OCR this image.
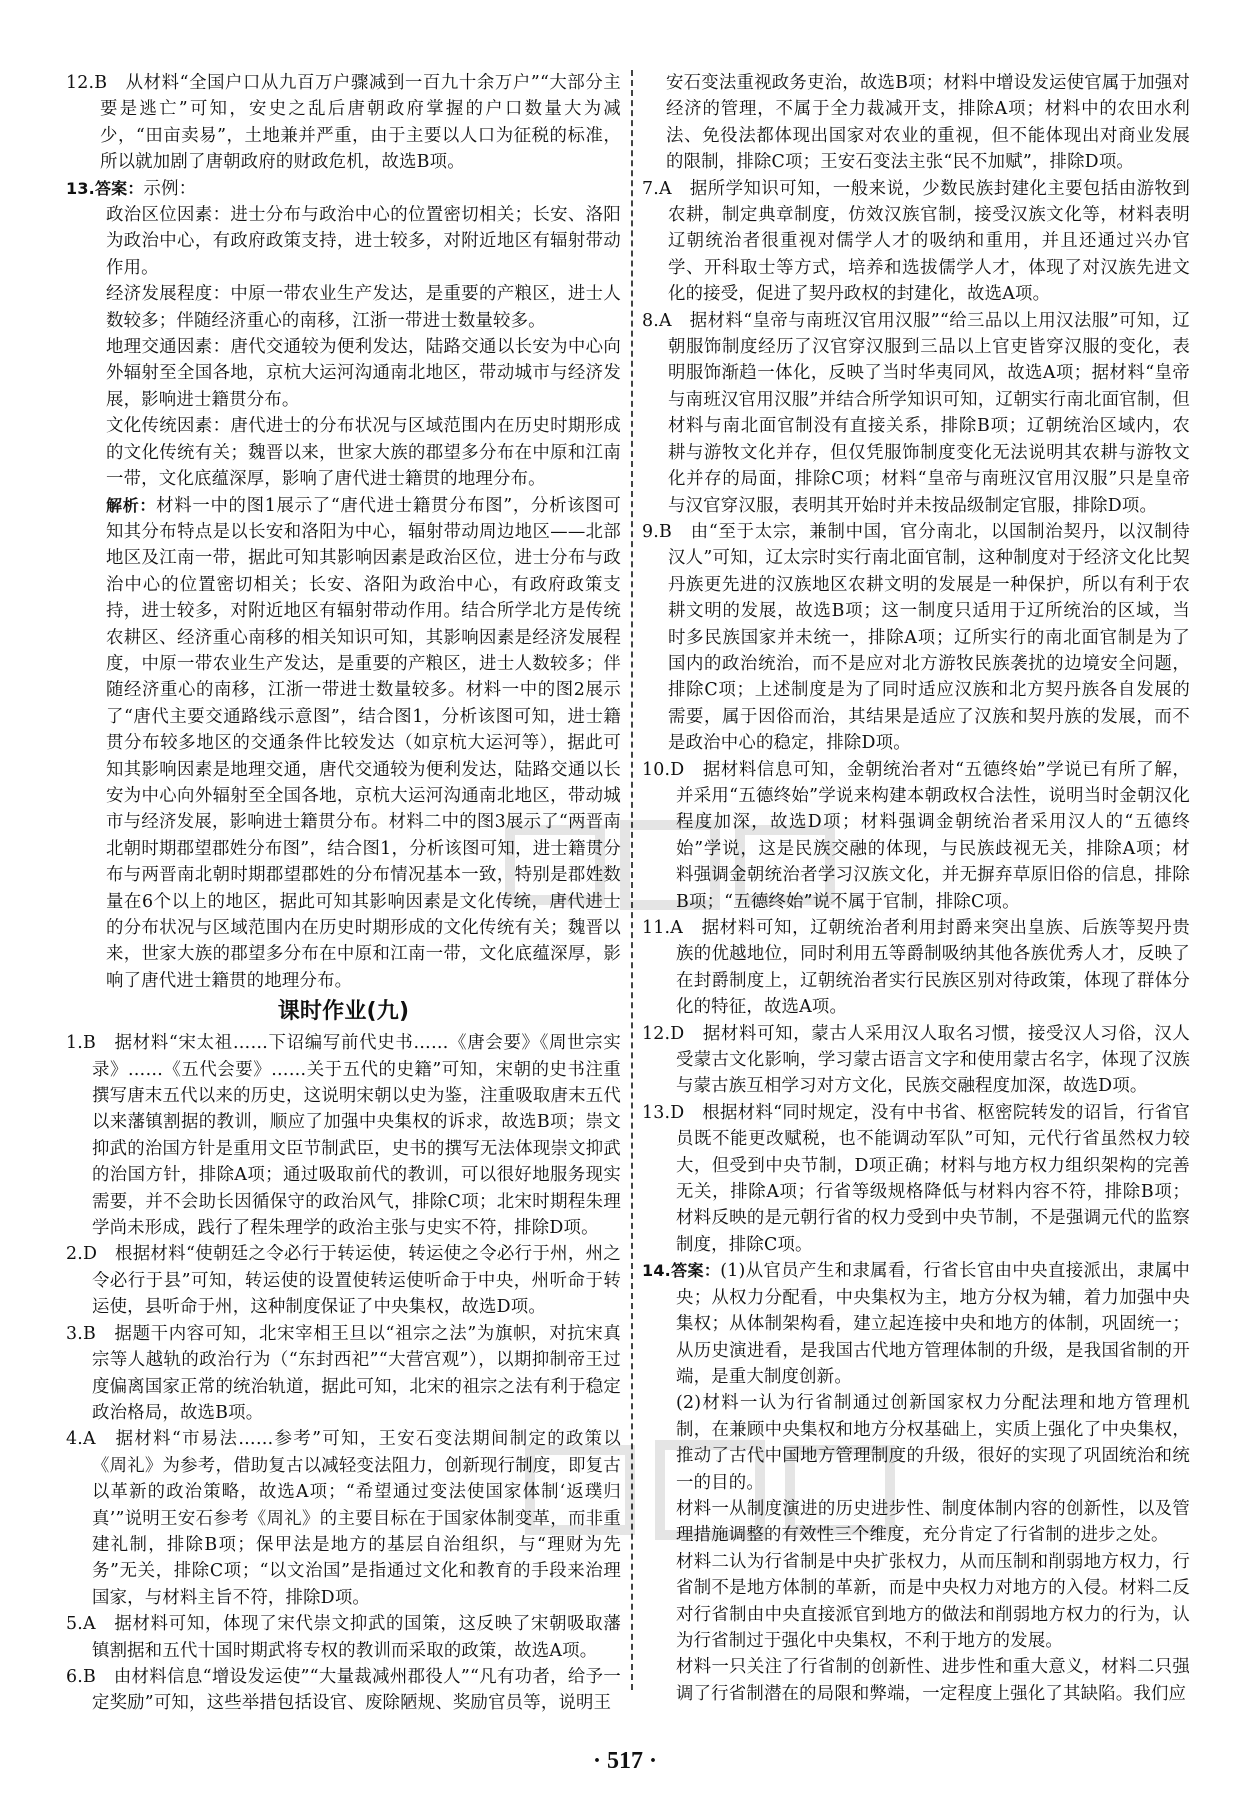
12.B　从材料“全国户口从九百万户骤减到一百九十余万户”“大部分主要是逃亡”可知，安史之乱后唐朝政府掌握的户口数量大为减少，“田亩卖易”，土地兼并严重，由于主要以人口为征税的标准，所以就加剧了唐朝政府的财政危机，故选B项。

13.答案：示例：

政治区位因素：进士分布与政治中心的位置密切相关；长安、洛阳为政治中心，有政府政策支持，进士较多，对附近地区有辐射带动作用。

经济发展程度：中原一带农业生产发达，是重要的产粮区，进士人数较多；伴随经济重心的南移，江浙一带进士数量较多。

地理交通因素：唐代交通较为便利发达，陆路交通以长安为中心向外辐射至全国各地，京杭大运河沟通南北地区，带动城市与经济发展，影响进士籍贯分布。

文化传统因素：唐代进士的分布状况与区域范围内在历史时期形成的文化传统有关；魏晋以来，世家大族的郡望多分布在中原和江南一带，文化底蕴深厚，影响了唐代进士籍贯的地理分布。

解析：材料一中的图1展示了“唐代进士籍贯分布图”，分析该图可知其分布特点是以长安和洛阳为中心，辐射带动周边地区——北部地区及江南一带，据此可知其影响因素是政治区位，进士分布与政治中心的位置密切相关；长安、洛阳为政治中心，有政府政策支持，进士较多，对附近地区有辐射带动作用。结合所学北方是传统农耕区、经济重心南移的相关知识可知，其影响因素是经济发展程度，中原一带农业生产发达，是重要的产粮区，进士人数较多；伴随经济重心的南移，江浙一带进士数量较多。材料一中的图2展示了“唐代主要交通路线示意图”，结合图1，分析该图可知，进士籍贯分布较多地区的交通条件比较发达（如京杭大运河等），据此可知其影响因素是地理交通，唐代交通较为便利发达，陆路交通以长安为中心向外辐射至全国各地，京杭大运河沟通南北地区，带动城市与经济发展，影响进士籍贯分布。材料二中的图3展示了“两晋南北朝时期郡望郡姓分布图”，结合图1，分析该图可知，进士籍贯分布与两晋南北朝时期郡望郡姓的分布情况基本一致，特别是郡姓数量在6个以上的地区，据此可知其影响因素是文化传统，唐代进士的分布状况与区域范围内在历史时期形成的文化传统有关；魏晋以来，世家大族的郡望多分布在中原和江南一带，文化底蕴深厚，影响了唐代进士籍贯的地理分布。

课时作业(九)

1.B　据材料“宋太祖……下诏编写前代史书……《唐会要》《周世宗实录》……《五代会要》……关于五代的史籍”可知，宋朝的史书注重撰写唐末五代以来的历史，这说明宋朝以史为鉴，注重吸取唐末五代以来藩镇割据的教训，顺应了加强中央集权的诉求，故选B项；崇文抑武的治国方针是重用文臣节制武臣，史书的撰写无法体现崇文抑武的治国方针，排除A项；通过吸取前代的教训，可以很好地服务现实需要，并不会助长因循保守的政治风气，排除C项；北宋时期程朱理学尚未形成，践行了程朱理学的政治主张与史实不符，排除D项。

2.D　根据材料“使朝廷之令必行于转运使，转运使之令必行于州，州之令必行于县”可知，转运使的设置使转运使听命于中央，州听命于转运使，县听命于州，这种制度保证了中央集权，故选D项。

3.B　据题干内容可知，北宋宰相王旦以“祖宗之法”为旗帜，对抗宋真宗等人越轨的政治行为（“东封西祀”“大营宫观”），以期抑制帝王过度偏离国家正常的统治轨道，据此可知，北宋的祖宗之法有利于稳定政治格局，故选B项。

4.A　据材料“市易法……参考”可知，王安石变法期间制定的政策以《周礼》为参考，借助复古以减轻变法阻力，创新现行制度，即复古以革新的政治策略，故选A项；“希望通过变法使国家体制‘返璞归真’”说明王安石参考《周礼》的主要目标在于国家体制变革，而非重建礼制，排除B项；保甲法是地方的基层自治组织，与“理财为先务”无关，排除C项；“以文治国”是指通过文化和教育的手段来治理国家，与材料主旨不符，排除D项。

5.A　据材料可知，体现了宋代崇文抑武的国策，这反映了宋朝吸取藩镇割据和五代十国时期武将专权的教训而采取的政策，故选A项。

6.B　由材料信息“增设发运使”“大量裁减州郡役人”“凡有功者，给予一定奖励”可知，这些举措包括设官、废除陋规、奖励官员等，说明王

安石变法重视政务吏治，故选B项；材料中增设发运使官属于加强对经济的管理，不属于全力裁减开支，排除A项；材料中的农田水利法、免役法都体现出国家对农业的重视，但不能体现出对商业发展的限制，排除C项；王安石变法主张“民不加赋”，排除D项。

7.A　据所学知识可知，一般来说，少数民族封建化主要包括由游牧到农耕，制定典章制度，仿效汉族官制，接受汉族文化等，材料表明辽朝统治者很重视对儒学人才的吸纳和重用，并且还通过兴办官学、开科取士等方式，培养和选拔儒学人才，体现了对汉族先进文化的接受，促进了契丹政权的封建化，故选A项。

8.A　据材料“皇帝与南班汉官用汉服”“给三品以上用汉法服”可知，辽朝服饰制度经历了汉官穿汉服到三品以上官吏皆穿汉服的变化，表明服饰渐趋一体化，反映了当时华夷同风，故选A项；据材料“皇帝与南班汉官用汉服”并结合所学知识可知，辽朝实行南北面官制，但材料与南北面官制没有直接关系，排除B项；辽朝统治区域内，农耕与游牧文化并存，但仅凭服饰制度变化无法说明其农耕与游牧文化并存的局面，排除C项；材料“皇帝与南班汉官用汉服”只是皇帝与汉官穿汉服，表明其开始时并未按品级制定官服，排除D项。

9.B　由“至于太宗，兼制中国，官分南北，以国制治契丹，以汉制待汉人”可知，辽太宗时实行南北面官制，这种制度对于经济文化比契丹族更先进的汉族地区农耕文明的发展是一种保护，所以有利于农耕文明的发展，故选B项；这一制度只适用于辽所统治的区域，当时多民族国家并未统一，排除A项；辽所实行的南北面官制是为了国内的政治统治，而不是应对北方游牧民族袭扰的边境安全问题，排除C项；上述制度是为了同时适应汉族和北方契丹族各自发展的需要，属于因俗而治，其结果是适应了汉族和契丹族的发展，而不是政治中心的稳定，排除D项。

10.D　据材料信息可知，金朝统治者对“五德终始”学说已有所了解，并采用“五德终始”学说来构建本朝政权合法性，说明当时金朝汉化程度加深，故选D项；材料强调金朝统治者采用汉人的“五德终始”学说，这是民族交融的体现，与民族歧视无关，排除A项；材料强调金朝统治者学习汉族文化，并无摒弃草原旧俗的信息，排除B项；“五德终始”说不属于官制，排除C项。

11.A　据材料可知，辽朝统治者利用封爵来突出皇族、后族等契丹贵族的优越地位，同时利用五等爵制吸纳其他各族优秀人才，反映了在封爵制度上，辽朝统治者实行民族区别对待政策，体现了群体分化的特征，故选A项。

12.D　据材料可知，蒙古人采用汉人取名习惯，接受汉人习俗，汉人受蒙古文化影响，学习蒙古语言文字和使用蒙古名字，体现了汉族与蒙古族互相学习对方文化，民族交融程度加深，故选D项。

13.D　根据材料“同时规定，没有中书省、枢密院转发的诏旨，行省官员既不能更改赋税，也不能调动军队”可知，元代行省虽然权力较大，但受到中央节制，D项正确；材料与地方权力组织架构的完善无关，排除A项；行省等级规格降低与材料内容不符，排除B项；材料反映的是元朝行省的权力受到中央节制，不是强调元代的监察制度，排除C项。

14.答案：(1)从官员产生和隶属看，行省长官由中央直接派出，隶属中央；从权力分配看，中央集权为主，地方分权为辅，着力加强中央集权；从体制架构看，建立起连接中央和地方的体制，巩固统一；从历史演进看，是我国古代地方管理体制的升级，是我国省制的开端，是重大制度创新。

(2)材料一认为行省制通过创新国家权力分配法理和地方管理机制，在兼顾中央集权和地方分权基础上，实质上强化了中央集权，推动了古代中国地方管理制度的升级，很好的实现了巩固统治和统一的目的。

材料一从制度演进的历史进步性、制度体制内容的创新性，以及管理措施调整的有效性三个维度，充分肯定了行省制的进步之处。

材料二认为行省制是中央扩张权力，从而压制和削弱地方权力，行省制不是地方体制的革新，而是中央权力对地方的入侵。材料二反对行省制由中央直接派官到地方的做法和削弱地方权力的行为，认为行省制过于强化中央集权，不利于地方的发展。

材料一只关注了行省制的创新性、进步性和重大意义，材料二只强调了行省制潜在的局限和弊端，一定程度上强化了其缺陷。我们应

· 517 ·
